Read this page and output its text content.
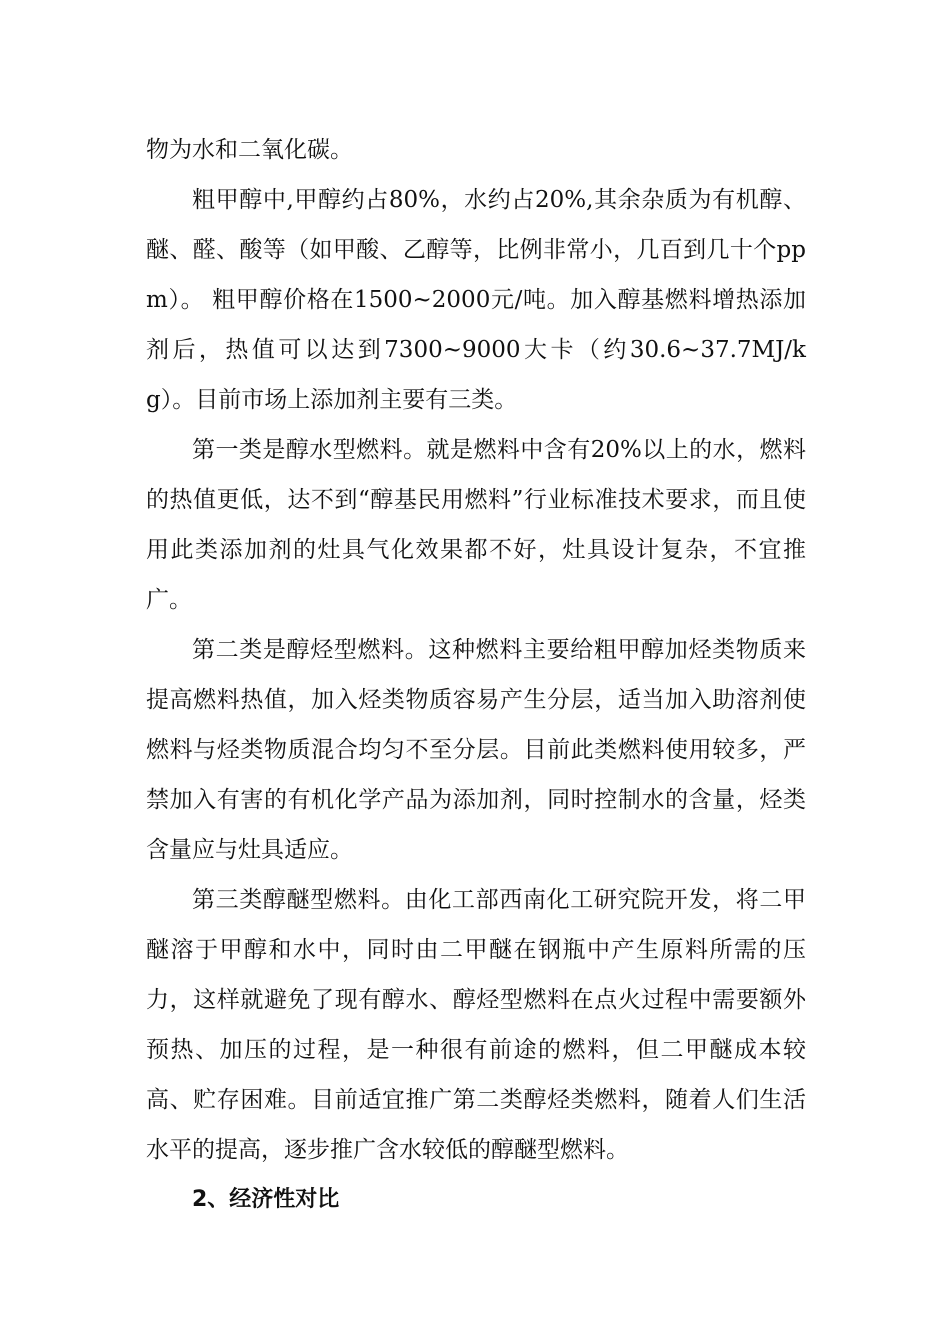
物为水和二氧化碳。

粗甲醇中,甲醇约占80%，水约占20%,其余杂质为有机醇、醚、醛、酸等（如甲酸、乙醇等，比例非常小，几百到几十个ppm）。 粗甲醇价格在1500~2000元/吨。加入醇基燃料增热添加剂后，热值可以达到7300~9000大卡（约30.6~37.7MJ/kg）。目前市场上添加剂主要有三类。

第一类是醇水型燃料。就是燃料中含有20%以上的水，燃料的热值更低，达不到“醇基民用燃料”行业标准技术要求，而且使用此类添加剂的灶具气化效果都不好，灶具设计复杂，不宜推广。

第二类是醇烃型燃料。这种燃料主要给粗甲醇加烃类物质来提高燃料热值，加入烃类物质容易产生分层，适当加入助溶剂使燃料与烃类物质混合均匀不至分层。目前此类燃料使用较多，严禁加入有害的有机化学产品为添加剂，同时控制水的含量，烃类含量应与灶具适应。

第三类醇醚型燃料。由化工部西南化工研究院开发，将二甲醚溶于甲醇和水中，同时由二甲醚在钢瓶中产生原料所需的压力，这样就避免了现有醇水、醇烃型燃料在点火过程中需要额外预热、加压的过程，是一种很有前途的燃料，但二甲醚成本较高、贮存困难。目前适宜推广第二类醇烃类燃料，随着人们生活水平的提高，逐步推广含水较低的醇醚型燃料。

2、经济性对比
